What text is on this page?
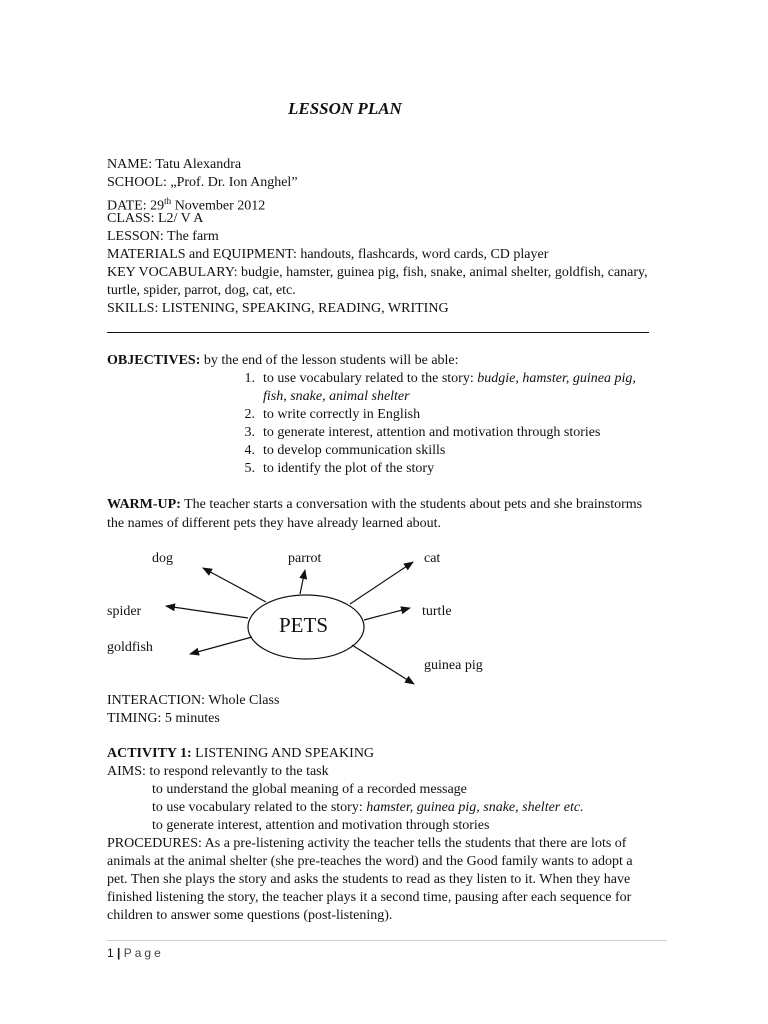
LESSON PLAN
NAME: Tatu Alexandra
SCHOOL: „Prof. Dr. Ion Anghel”
DATE: 29th November 2012
CLASS: L2/ V A
LESSON: The farm
MATERIALS and EQUIPMENT: handouts, flashcards, word cards, CD player
KEY VOCABULARY: budgie, hamster, guinea pig, fish, snake, animal shelter, goldfish, canary,
turtle, spider, parrot, dog, cat, etc.
SKILLS: LISTENING, SPEAKING, READING, WRITING
OBJECTIVES: by the end of the lesson students will be able:
1. to use vocabulary related to the story: budgie, hamster, guinea pig,
fish, snake, animal shelter
2. to write correctly in English
3. to generate interest, attention and motivation through stories
4. to develop communication skills
5. to identify the plot of the story
WARM-UP: The teacher starts a conversation with the students about pets and she brainstorms
the names of different pets they have already learned about.
PETS
dog	parrot	cat
spider	turtle
goldfish
guinea pig
INTERACTION: Whole Class
TIMING: 5 minutes
ACTIVITY 1: LISTENING AND SPEAKING
AIMS: to respond relevantly to the task
to understand the global meaning of a recorded message
to use vocabulary related to the story: hamster, guinea pig, snake, shelter etc.
to generate interest, attention and motivation through stories
PROCEDURES: As a pre-listening activity the teacher tells the students that there are lots of
animals at the animal shelter (she pre-teaches the word) and the Good family wants to adopt a
pet. Then she plays the story and asks the students to read as they listen to it. When they have
finished listening the story, the teacher plays it a second time, pausing after each sequence for
children to answer some questions (post-listening).
1 | Page
